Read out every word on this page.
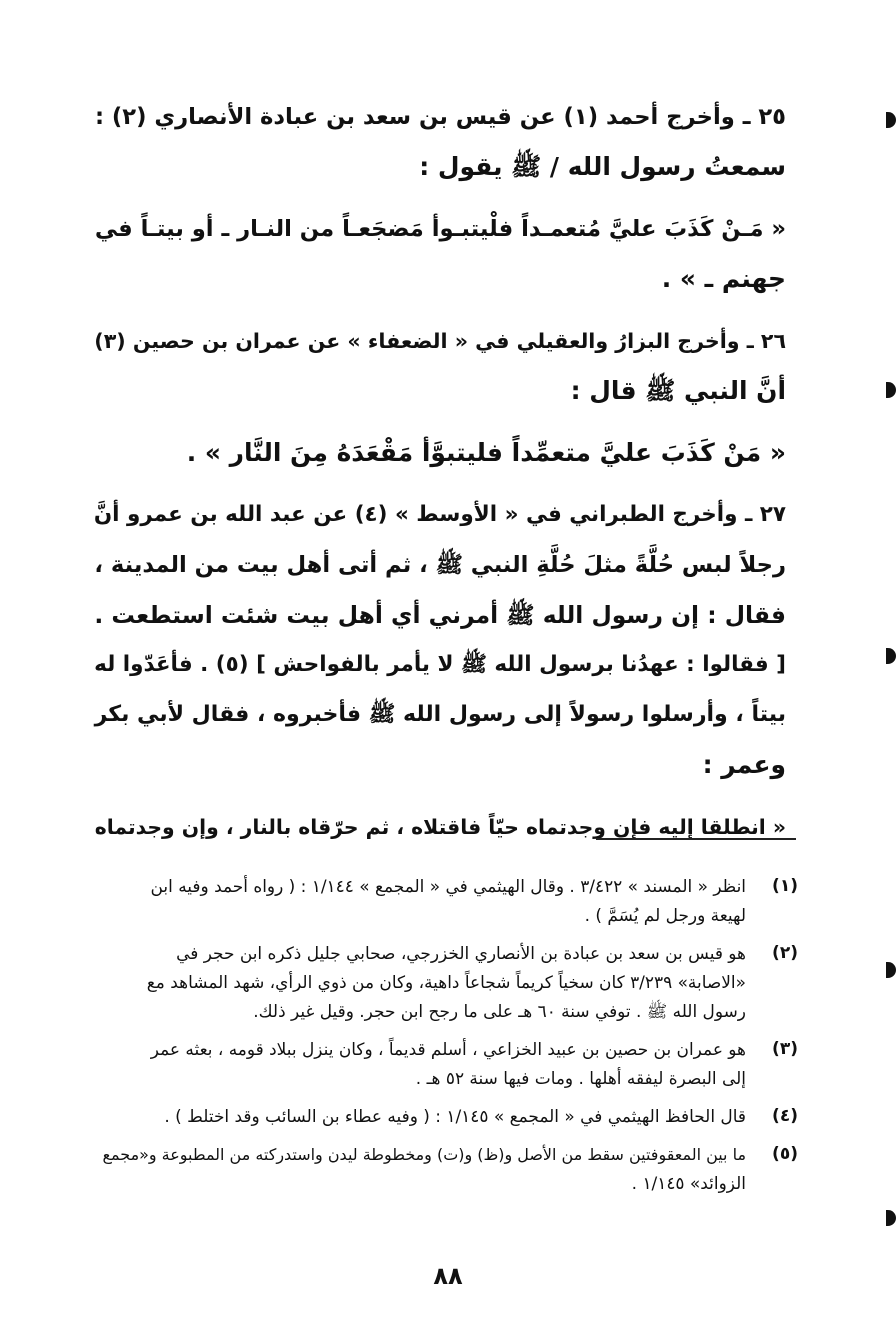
٢٥ ـ وأخرج أحمد (١) عن قيس بن سعد بن عبادة الأنصاري (٢) :
سمعتُ رسول الله / ﷺ يقول :
« مَـنْ كَذَبَ عليَّ مُتعمـداً فلْيتبـوأ مَضجَعـاً من النـار ـ أو بيتـاً في
جهنم ـ » .
٢٦ ـ وأخرج البزارُ والعقيلي في « الضعفاء » عن عمران بن حصين (٣)
أنَّ النبي ﷺ قال :
« مَنْ كَذَبَ عليَّ متعمِّداً فليتبوَّأ مَقْعَدَهُ مِنَ النَّار » .
٢٧ ـ وأخرج الطبراني في « الأوسط » (٤) عن عبد الله بن عمرو أنَّ
رجلاً لبس حُلَّةً مثلَ حُلَّةِ النبي ﷺ ، ثم أتى أهل بيت من المدينة ،
فقال : إن رسول الله ﷺ أمرني أي أهل بيت شئت استطعت .
[ فقالوا : عهدُنا برسول الله ﷺ لا يأمر بالفواحش ] (٥) . فأعَدّوا له
بيتاً ، وأرسلوا رسولاً إلى رسول الله ﷺ فأخبروه ، فقال لأبي بكر
وعمر :
« انطلقا إليه فإن وجدتماه حيّاً فاقتلاه ، ثم حرّقاه بالنار ، وإن وجدتماه
(١)
انظر « المسند » ٣/٤٢٢ . وقال الهيثمي في « المجمع » ١/١٤٤ : ( رواه أحمد وفيه ابن
لهيعة ورجل لم يُسَمَّ ) .
(٢)
هو قيس بن سعد بن عبادة بن الأنصاري الخزرجي، صحابي جليل ذكره ابن حجر في
«الاصابة» ٣/٢٣٩ كان سخياً كريماً شجاعاً داهية، وكان من ذوي الرأي، شهد المشاهد مع
رسول الله ﷺ . توفي سنة ٦٠ هـ على ما رجح ابن حجر. وقيل غير ذلك.
(٣)
هو عمران بن حصين بن عبيد الخزاعي ، أسلم قديماً ، وكان ينزل ببلاد قومه ، بعثه عمر
إلى البصرة ليفقه أهلها . ومات فيها سنة ٥٢ هـ .
(٤)
قال الحافظ الهيثمي في « المجمع » ١/١٤٥ : ( وفيه عطاء بن السائب وقد اختلط ) .
(٥)
ما بين المعقوفتين سقط من الأصل و(ظ) و(ت) ومخطوطة ليدن واستدركته من المطبوعة و«مجمع
الزوائد» ١/١٤٥ .
٨٨
